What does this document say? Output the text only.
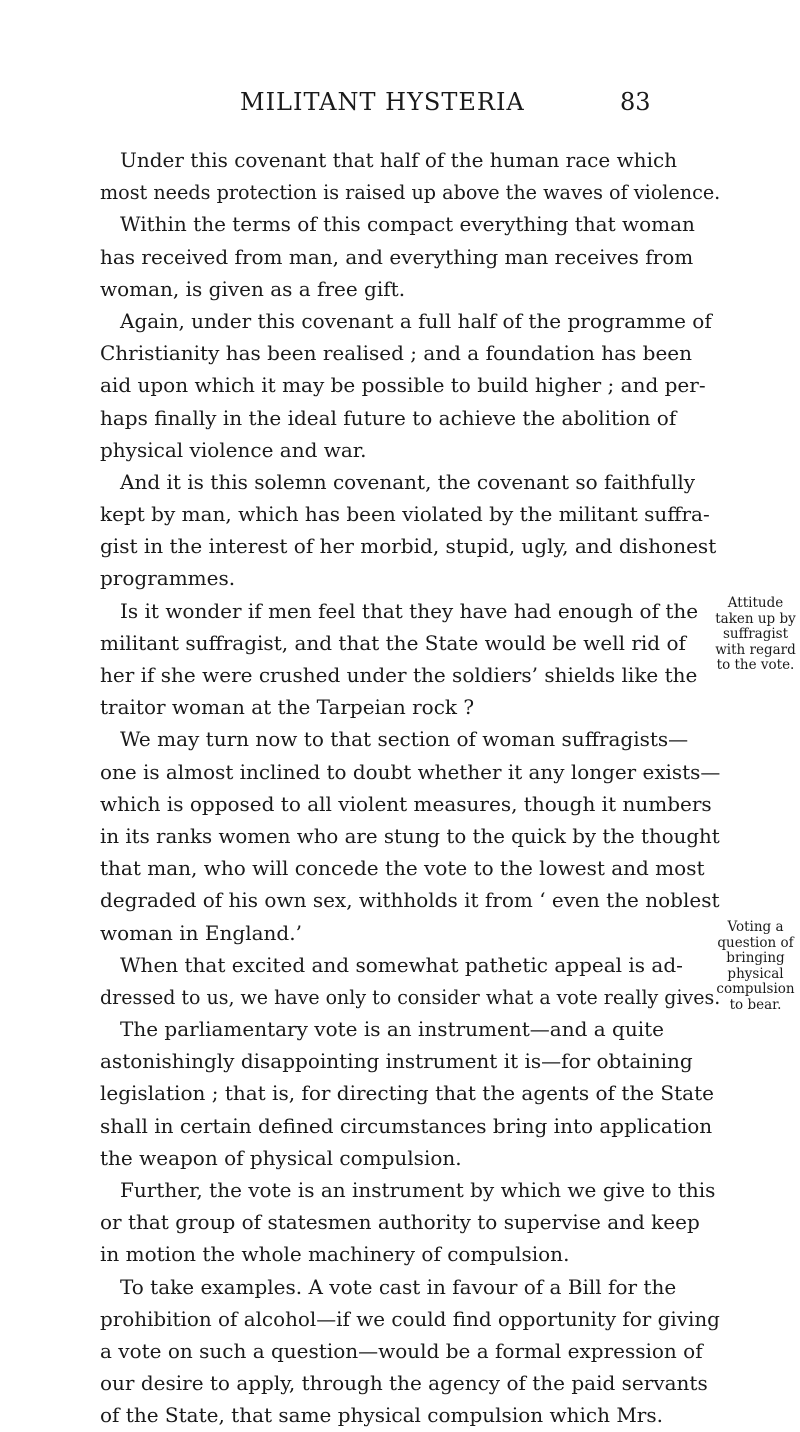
MILITANT HYSTERIA	83
Under this covenant that half of the human race which
most needs protection is raised up above the waves of violence.
Within the terms of this compact everything that woman
has received from man, and everything man receives from
woman, is given as a free gift.
Again, under this covenant a full half of the programme of
Christianity has been realised ; and a foundation has been
aid upon which it may be possible to build higher ; and per-
haps finally in the ideal future to achieve the abolition of
physical violence and war.
And it is this solemn covenant, the covenant so faithfully
kept by man, which has been violated by the militant suffra-
gist in the interest of her morbid, stupid, ugly, and dishonest
programmes.
Is it wonder if men feel that they have had enough of the
militant suffragist, and that the State would be well rid of
her if she were crushed under the soldiers’ shields like the
traitor woman at the Tarpeian rock ?
We may turn now to that section of woman suffragists—
one is almost inclined to doubt whether it any longer exists—
which is opposed to all violent measures, though it numbers
in its ranks women who are stung to the quick by the thought
that man, who will concede the vote to the lowest and most
degraded of his own sex, withholds it from ‘ even the noblest
woman in England.’
When that excited and somewhat pathetic appeal is ad-
dressed to us, we have only to consider what a vote really gives.
The parliamentary vote is an instrument—and a quite
astonishingly disappointing instrument it is—for obtaining
legislation ; that is, for directing that the agents of the State
shall in certain defined circumstances bring into application
the weapon of physical compulsion.
Further, the vote is an instrument by which we give to this
or that group of statesmen authority to supervise and keep
in motion the whole machinery of compulsion.
To take examples. A vote cast in favour of a Bill for the
prohibition of alcohol—if we could find opportunity for giving
a vote on such a question—would be a formal expression of
our desire to apply, through the agency of the paid servants
of the State, that same physical compulsion which Mrs.
Attitude
taken up by
suffragist
with regard
to the vote.
Voting a
question of
bringing
physical
compulsion
to bear.
